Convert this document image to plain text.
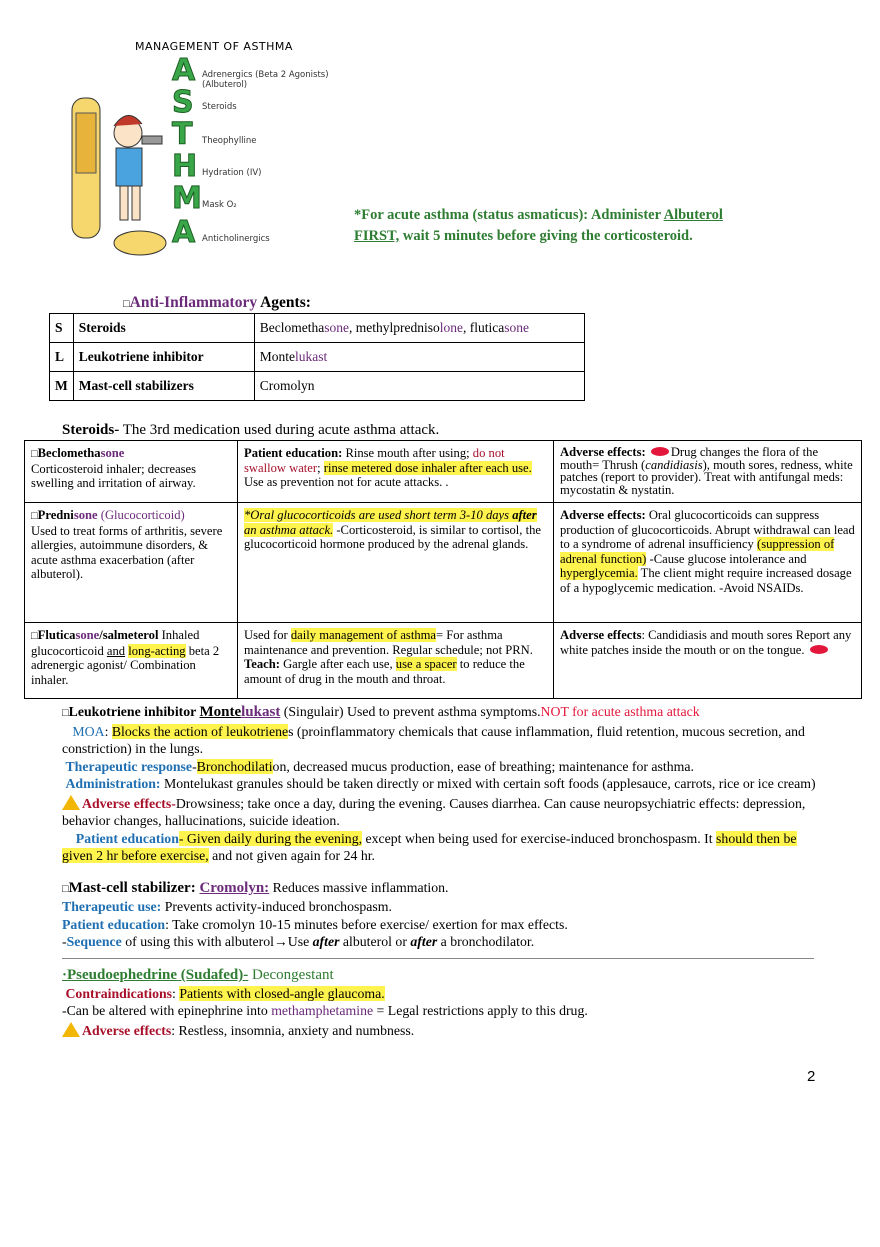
MANAGEMENT OF ASTHMA
A
S
T
H
M
A
Adrenergics (Beta 2 Agonists) (Albuterol)
Steroids
Theophylline
Hydration (IV)
Mask O₂
Anticholinergics
*For acute asthma (status asmaticus): Administer Albuterol
FIRST, wait 5 minutes before giving the corticosteroid.
□Anti-Inflammatory Agents:
S	Steroids	Beclomethasone, methylprednisolone, fluticasone
L	Leukotriene inhibitor	Montelukast
M	Mast-cell stabilizers	Cromolyn
Steroids- The 3rd medication used during acute asthma attack.
□Beclomethasone
Corticosteroid inhaler; decreases swelling and irritation of airway.	Patient education: Rinse mouth after using; do not swallow water; rinse metered dose inhaler after each use. Use as prevention not for acute attacks. .	Adverse effects: Drug changes the flora of the mouth= Thrush (candidiasis), mouth sores, redness, white patches (report to provider). Treat with antifungal meds: mycostatin & nystatin.
□Prednisone (Glucocorticoid)
Used to treat forms of arthritis, severe allergies, autoimmune disorders, & acute asthma exacerbation (after albuterol).	*Oral glucocorticoids are used short term 3-10 days after an asthma attack. -Corticosteroid, is similar to cortisol, the glucocorticoid hormone produced by the adrenal glands.	Adverse effects: Oral glucocorticoids can suppress production of glucocorticoids. Abrupt withdrawal can lead to a syndrome of adrenal insufficiency (suppression of adrenal function) -Cause glucose intolerance and hyperglycemia. The client might require increased dosage of a hypoglycemic medication. -Avoid NSAIDs.
□Fluticasone/salmeterol Inhaled glucocorticoid and long-acting beta 2 adrenergic agonist/ Combination inhaler.	Used for daily management of asthma= For asthma maintenance and prevention. Regular schedule; not PRN. Teach: Gargle after each use, use a spacer to reduce the amount of drug in the mouth and throat.	Adverse effects: Candidiasis and mouth sores Report any white patches inside the mouth or on the tongue.

□Leukotriene inhibitor Montelukast (Singulair) Used to prevent asthma symptoms.NOT for acute asthma attack

MOA: Blocks the action of leukotrienes (proinflammatory chemicals that cause inflammation, fluid retention, mucous secretion, and constriction) in the lungs.

Therapeutic response-Bronchodilation, decreased mucus production, ease of breathing; maintenance for asthma.

Administration: Montelukast granules should be taken directly or mixed with certain soft foods (applesauce, carrots, rice or ice cream)

Adverse effects-Drowsiness; take once a day, during the evening. Causes diarrhea. Can cause neuropsychiatric effects: depression, behavior changes, hallucinations, suicide ideation.

Patient education- Given daily during the evening, except when being used for exercise-induced bronchospasm. It should then be given 2 hr before exercise, and not given again for 24 hr.

□Mast-cell stabilizer: Cromolyn: Reduces massive inflammation.

Therapeutic use: Prevents activity-induced bronchospasm.

Patient education: Take cromolyn 10-15 minutes before exercise/ exertion for max effects.

-Sequence of using this with albuterol→Use after albuterol or after a bronchodilator.

·Pseudoephedrine (Sudafed)- Decongestant

Contraindications: Patients with closed-angle glaucoma.

-Can be altered with epinephrine into methamphetamine = Legal restrictions apply to this drug.

Adverse effects: Restless, insomnia, anxiety and numbness.

2
